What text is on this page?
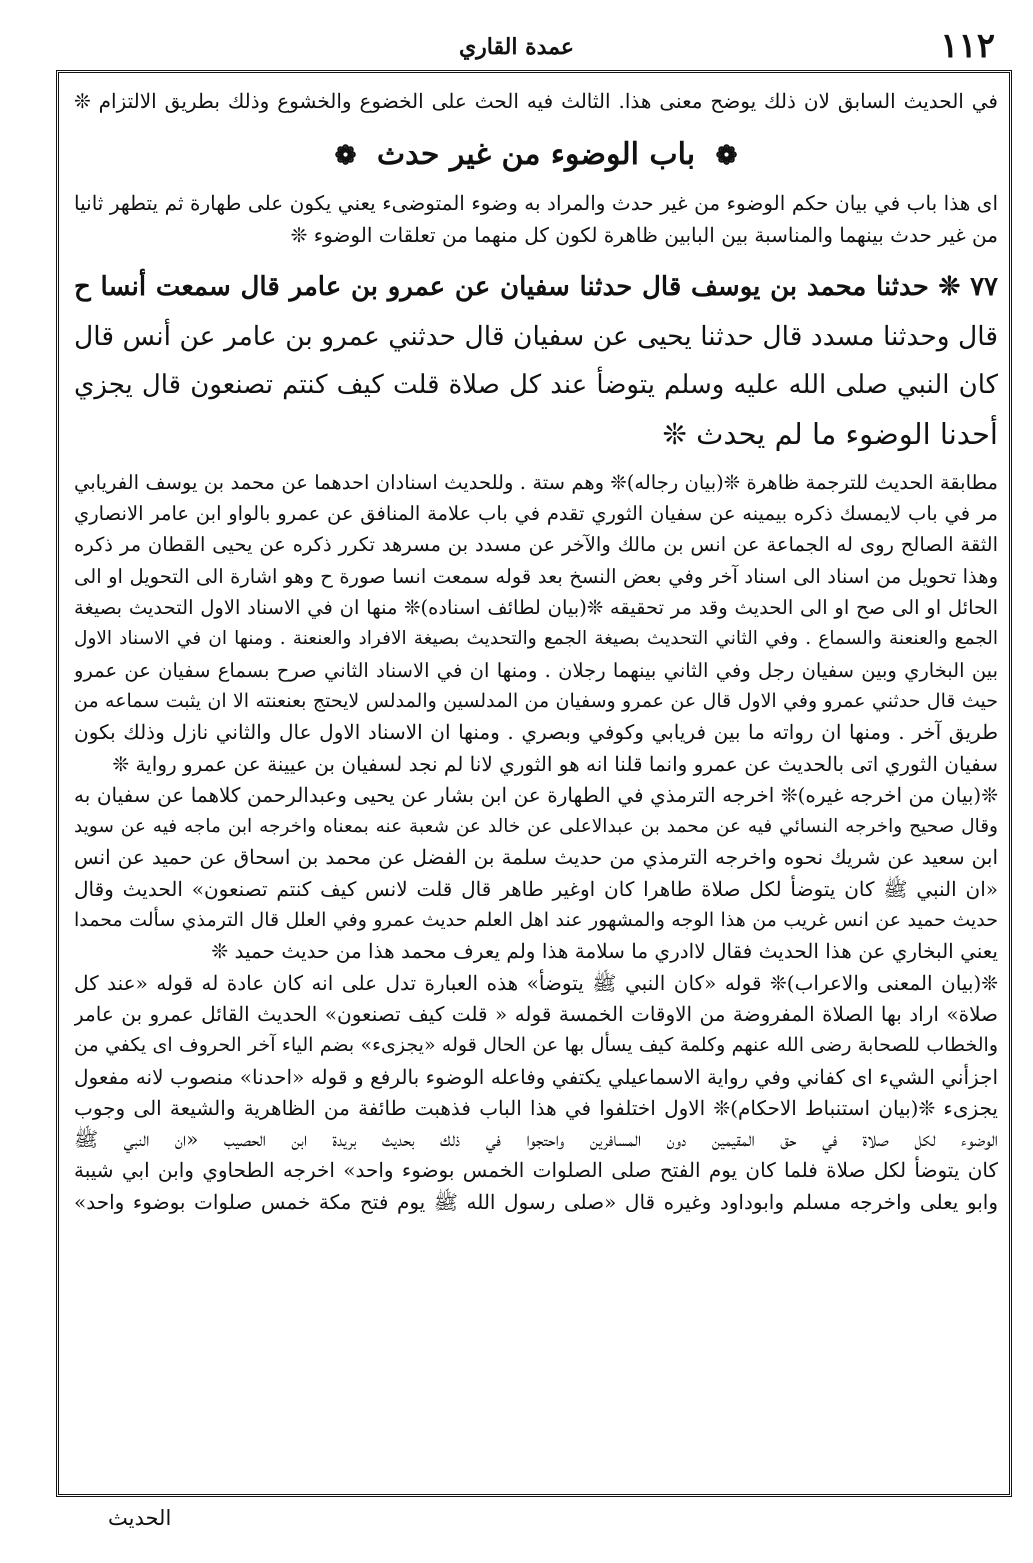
١١٢
عمدة القاري
في الحديث السابق لان ذلك يوضح معنى هذا. الثالث فيه الحث على الخضوع والخشوع وذلك بطريق الالتزام ❊
❁ باب الوضوء من غير حدث ❁
اى هذا باب في بيان حكم الوضوء من غير حدث والمراد به وضوء المتوضىء يعني يكون على طهارة ثم يتطهر ثانيا
من غير حدث بينهما والمناسبة بين البابين ظاهرة لكون كل منهما من تعلقات الوضوء ❊
٧٧ ❊ حدثنا محمد بن يوسف قال حدثنا سفيان عن عمرو بن عامر قال سمعت أنسا ح
قال وحدثنا مسدد قال حدثنا يحيى عن سفيان قال حدثني عمرو بن عامر عن أنس قال
كان النبي صلى الله عليه وسلم يتوضأ عند كل صلاة قلت كيف كنتم تصنعون قال يجزي
أحدنا الوضوء ما لم يحدث ❊
مطابقة الحديث للترجمة ظاهرة ❊(بيان رجاله)❊ وهم ستة . وللحديث اسنادان احدهما عن محمد بن يوسف الفريابي
مر في باب لايمسك ذكره بيمينه عن سفيان الثوري تقدم في باب علامة المنافق عن عمرو بالواو ابن عامر الانصاري
الثقة الصالح روى له الجماعة عن انس بن مالك والآخر عن مسدد بن مسرهد تكرر ذكره عن يحيى القطان مر ذكره
وهذا تحويل من اسناد الى اسناد آخر وفي بعض النسخ بعد قوله سمعت انسا صورة ح وهو اشارة الى التحويل او الى
الحائل او الى صح او الى الحديث وقد مر تحقيقه ❊(بيان لطائف اسناده)❊ منها ان في الاسناد الاول التحديث بصيغة
الجمع والعنعنة والسماع . وفي الثاني التحديث بصيغة الجمع والتحديث بصيغة الافراد والعنعنة . ومنها ان في الاسناد الاول
بين البخاري وبين سفيان رجل وفي الثاني بينهما رجلان . ومنها ان في الاسناد الثاني صرح بسماع سفيان عن عمرو
حيث قال حدثني عمرو وفي الاول قال عن عمرو وسفيان من المدلسين والمدلس لايحتج بعنعنته الا ان يثبت سماعه من
طريق آخر . ومنها ان رواته ما بين فريابي وكوفي وبصري . ومنها ان الاسناد الاول عال والثاني نازل وذلك بكون
سفيان الثوري اتى بالحديث عن عمرو وانما قلنا انه هو الثوري لانا لم نجد لسفيان بن عيينة عن عمرو رواية ❊
❊(بيان من اخرجه غيره)❊ اخرجه الترمذي في الطهارة عن ابن بشار عن يحيى وعبدالرحمن كلاهما عن سفيان به
وقال صحيح واخرجه النسائي فيه عن محمد بن عبدالاعلى عن خالد عن شعبة عنه بمعناه واخرجه ابن ماجه فيه عن سويد
ابن سعيد عن شريك نحوه واخرجه الترمذي من حديث سلمة بن الفضل عن محمد بن اسحاق عن حميد عن انس
«ان النبي ﷺ كان يتوضأ لكل صلاة طاهرا كان اوغير طاهر قال قلت لانس كيف كنتم تصنعون» الحديث وقال
حديث حميد عن انس غريب من هذا الوجه والمشهور عند اهل العلم حديث عمرو وفي العلل قال الترمذي سألت محمدا
يعني البخاري عن هذا الحديث فقال لاادري ما سلامة هذا ولم يعرف محمد هذا من حديث حميد ❊
❊(بيان المعنى والاعراب)❊ قوله «كان النبي ﷺ يتوضأ» هذه العبارة تدل على انه كان عادة له قوله «عند كل
صلاة» اراد بها الصلاة المفروضة من الاوقات الخمسة قوله « قلت كيف تصنعون» الحديث القائل عمرو بن عامر
والخطاب للصحابة رضى الله عنهم وكلمة كيف يسأل بها عن الحال قوله «يجزىء» بضم الياء آخر الحروف اى يكفي من
اجزأني الشيء اى كفاني وفي رواية الاسماعيلي يكتفي وفاعله الوضوء بالرفع و قوله «احدنا» منصوب لانه مفعول
يجزىء ❊(بيان استنباط الاحكام)❊ الاول اختلفوا في هذا الباب فذهبت طائفة من الظاهرية والشيعة الى وجوب
الوضوء لكل صلاة في حق المقيمين دون المسافرين واحتجوا في ذلك بحديث بريدة ابن الحصيب «ان النبي ﷺ
كان يتوضأ لكل صلاة فلما كان يوم الفتح صلى الصلوات الخمس بوضوء واحد» اخرجه الطحاوي وابن ابي شيبة
وابو يعلى واخرجه مسلم وابوداود وغيره قال «صلى رسول الله ﷺ يوم فتح مكة خمس صلوات بوضوء واحد»
الحديث
